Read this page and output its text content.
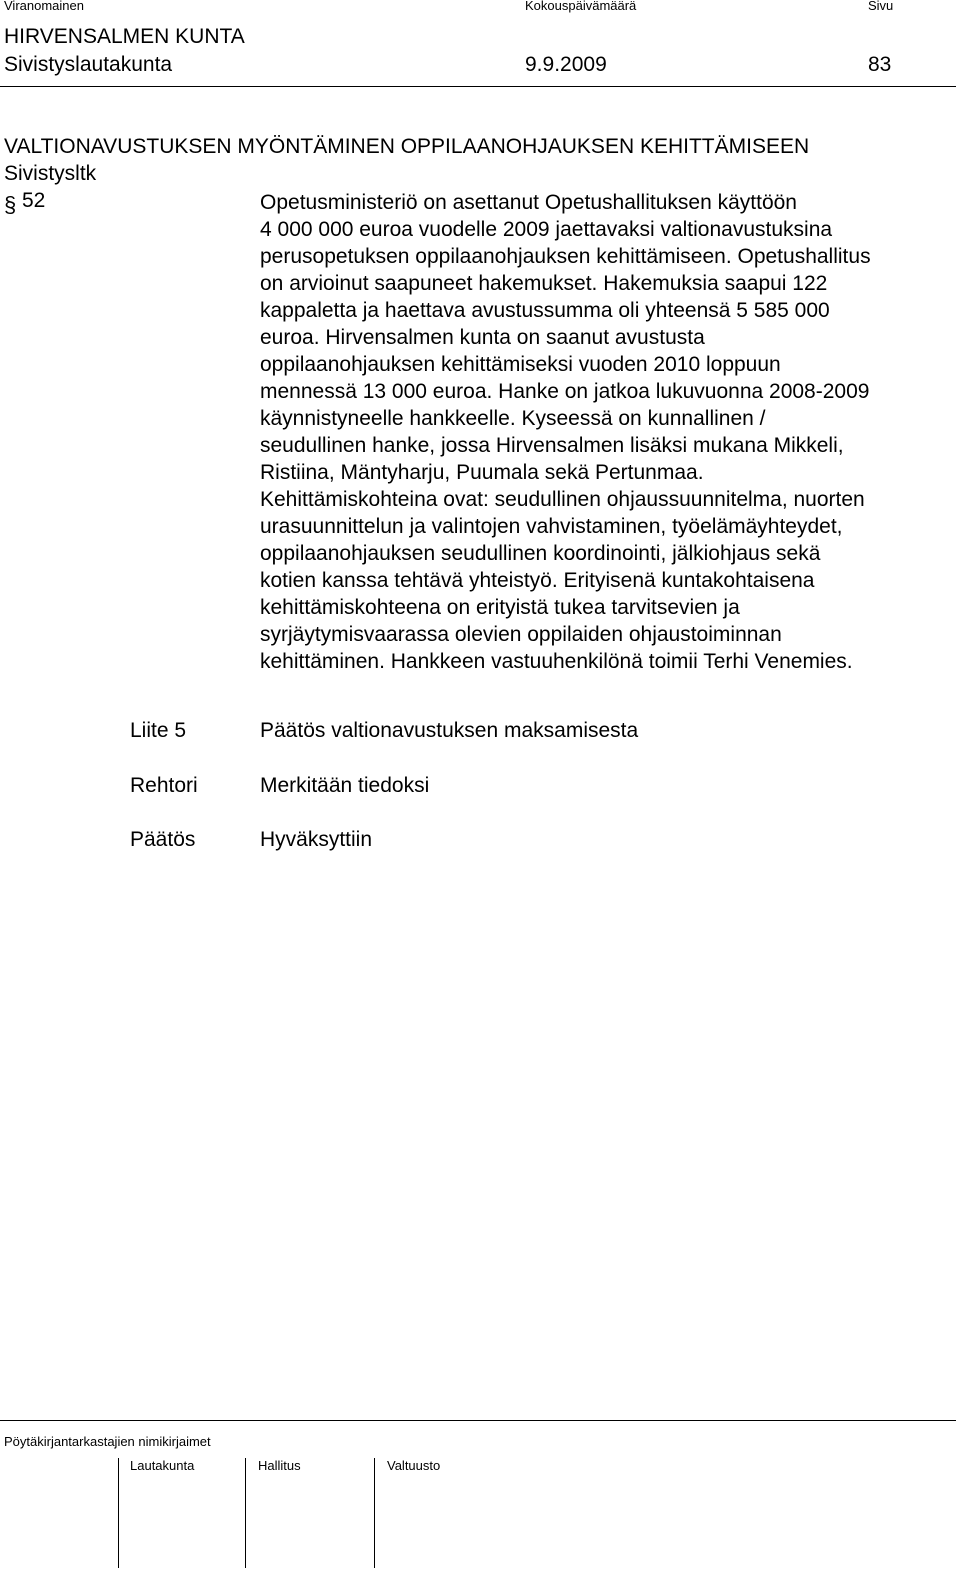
Viranomainen	Kokouspäivämäärä	Sivu
HIRVENSALMEN KUNTA
Sivistyslautakunta	9.9.2009	83
VALTIONAVUSTUKSEN MYÖNTÄMINEN OPPILAANOHJAUKSEN KEHITTÄMISEEN
Sivistysltk
§ 52	Opetusministeriö on asettanut Opetushallituksen käyttöön
4 000 000 euroa vuodelle 2009 jaettavaksi valtionavustuksina
perusopetuksen oppilaanohjauksen kehittämiseen. Opetushallitus
on arvioinut saapuneet hakemukset. Hakemuksia saapui 122
kappaletta ja haettava avustussumma oli yhteensä 5 585 000
euroa. Hirvensalmen kunta on saanut avustusta
oppilaanohjauksen kehittämiseksi vuoden 2010 loppuun
mennessä 13 000 euroa. Hanke on jatkoa lukuvuonna 2008-2009
käynnistyneelle hankkeelle. Kyseessä on kunnallinen /
seudullinen hanke, jossa Hirvensalmen lisäksi mukana Mikkeli,
Ristiina, Mäntyharju, Puumala sekä Pertunmaa.
Kehittämiskohteina ovat: seudullinen ohjaussuunnitelma, nuorten
urasuunnittelun ja valintojen vahvistaminen, työelämäyhteydet,
oppilaanohjauksen seudullinen koordinointi, jälkiohjaus sekä
kotien kanssa tehtävä yhteistyö. Erityisenä kuntakohtaisena
kehittämiskohteena on erityistä tukea tarvitsevien ja
syrjäytymisvaarassa olevien oppilaiden ohjaustoiminnan
kehittäminen. Hankkeen vastuuhenkilönä toimii Terhi Venemies.
Liite 5	Päätös valtionavustuksen maksamisesta
Rehtori	Merkitään tiedoksi
Päätös	Hyväksyttiin
Pöytäkirjantarkastajien nimikirjaimet
Lautakunta	Hallitus	Valtuusto
